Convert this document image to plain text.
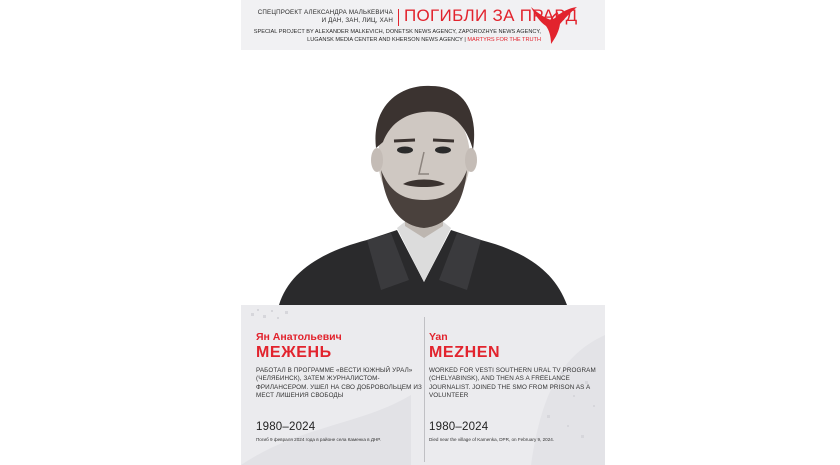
СПЕЦПРОЕКТ АЛЕКСАНДРА МАЛЬКЕВИЧА И ДАН, ЗАН, ЛИЦ, ХАН ПОГИБЛИ ЗА ПРАВД
SPECIAL PROJECT BY ALEXANDER MALKEVICH, DONETSK NEWS AGENCY, ZAPOROZHYE NEWS AGENCY, LUGANSK MEDIA CENTER AND KHERSON NEWS AGENCY | MARTYRS FOR THE TRUTH
Ян Анатольевич
МЕЖЕНЬ
РАБОТАЛ В ПРОГРАММЕ «ВЕСТИ ЮЖНЫЙ УРАЛ» (ЧЕЛЯБИНСК), ЗАТЕМ ЖУРНАЛИСТОМ-ФРИЛАНСЕРОМ. УШЕЛ НА СВО ДОБРОВОЛЬЦЕМ ИЗ МЕСТ ЛИШЕНИЯ СВОБОДЫ
1980–2024
Погиб 9 февраля 2024 года в районе села Каменка в ДНР.
Yan
MEZHEN
WORKED FOR VESTI SOUTHERN URAL TV PROGRAM (CHELYABINSK), AND THEN AS A FREELANCE JOURNALIST. JOINED THE SMO FROM PRISON AS A VOLUNTEER
1980–2024
Died near the village of Kamenka, DPR, on February 9, 2024.
